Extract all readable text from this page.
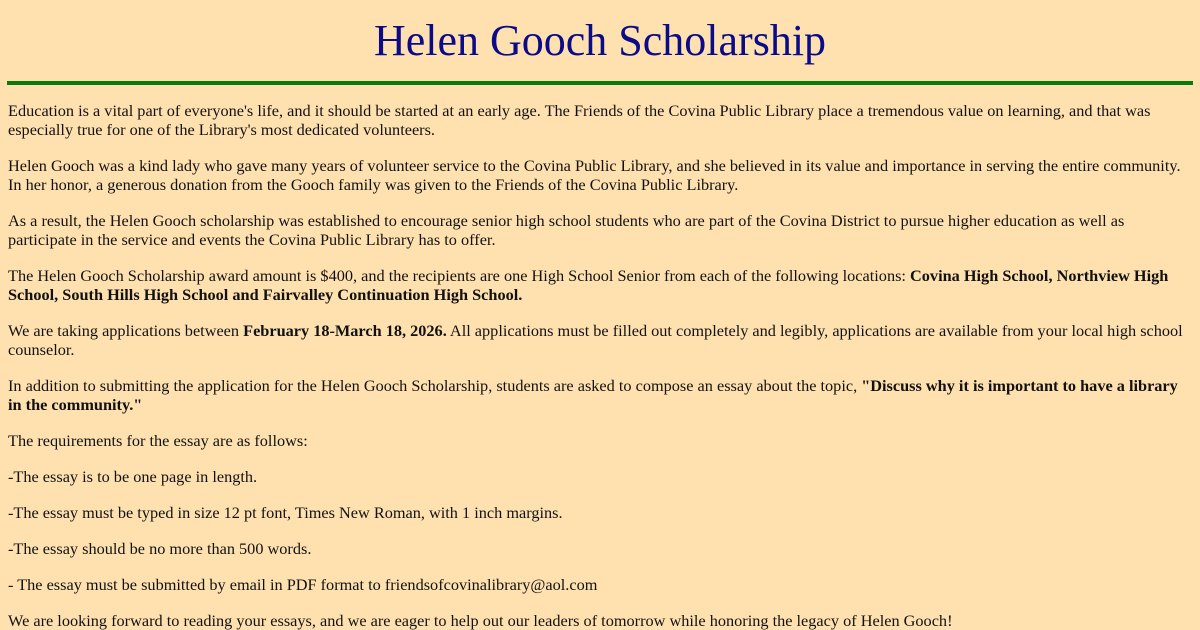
Helen Gooch Scholarship

Education is a vital part of everyone's life, and it should be started at an early age. The Friends of the Covina Public Library place a tremendous value on learning, and that was especially true for one of the Library's most dedicated volunteers.

Helen Gooch was a kind lady who gave many years of volunteer service to the Covina Public Library, and she believed in its value and importance in serving the entire community. In her honor, a generous donation from the Gooch family was given to the Friends of the Covina Public Library.

As a result, the Helen Gooch scholarship was established to encourage senior high school students who are part of the Covina District to pursue higher education as well as participate in the service and events the Covina Public Library has to offer.

The Helen Gooch Scholarship award amount is $400, and the recipients are one High School Senior from each of the following locations: Covina High School, Northview High School, South Hills High School and Fairvalley Continuation High School.

We are taking applications between February 18-March 18, 2026. All applications must be filled out completely and legibly, applications are available from your local high school counselor.

In addition to submitting the application for the Helen Gooch Scholarship, students are asked to compose an essay about the topic, "Discuss why it is important to have a library in the community."

The requirements for the essay are as follows:

-The essay is to be one page in length.

-The essay must be typed in size 12 pt font, Times New Roman, with 1 inch margins.

-The essay should be no more than 500 words.

- The essay must be submitted by email in PDF format to friendsofcovinalibrary@aol.com

We are looking forward to reading your essays, and we are eager to help out our leaders of tomorrow while honoring the legacy of Helen Gooch!
